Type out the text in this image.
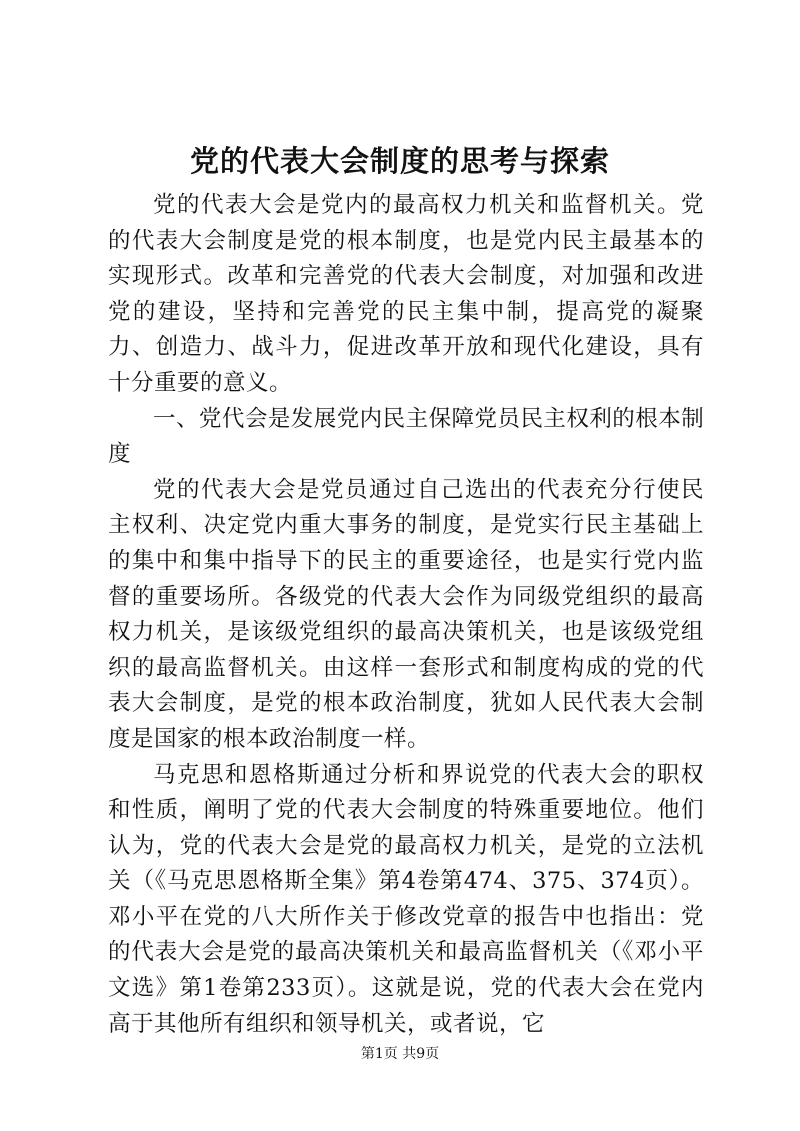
党的代表大会制度的思考与探索

党的代表大会是党内的最高权力机关和监督机关。党的代表大会制度是党的根本制度，也是党内民主最基本的实现形式。改革和完善党的代表大会制度，对加强和改进党的建设，坚持和完善党的民主集中制，提高党的凝聚力、创造力、战斗力，促进改革开放和现代化建设，具有十分重要的意义。

一、党代会是发展党内民主保障党员民主权利的根本制度

党的代表大会是党员通过自己选出的代表充分行使民主权利、决定党内重大事务的制度，是党实行民主基础上的集中和集中指导下的民主的重要途径，也是实行党内监督的重要场所。各级党的代表大会作为同级党组织的最高权力机关，是该级党组织的最高决策机关，也是该级党组织的最高监督机关。由这样一套形式和制度构成的党的代表大会制度，是党的根本政治制度，犹如人民代表大会制度是国家的根本政治制度一样。

马克思和恩格斯通过分析和界说党的代表大会的职权和性质，阐明了党的代表大会制度的特殊重要地位。他们认为，党的代表大会是党的最高权力机关，是党的立法机关（《马克思恩格斯全集》第4卷第474、375、374页）。邓小平在党的八大所作关于修改党章的报告中也指出：党的代表大会是党的最高决策机关和最高监督机关（《邓小平文选》第1卷第233页）。这就是说，党的代表大会在党内高于其他所有组织和领导机关，或者说，它

第1页 共9页
